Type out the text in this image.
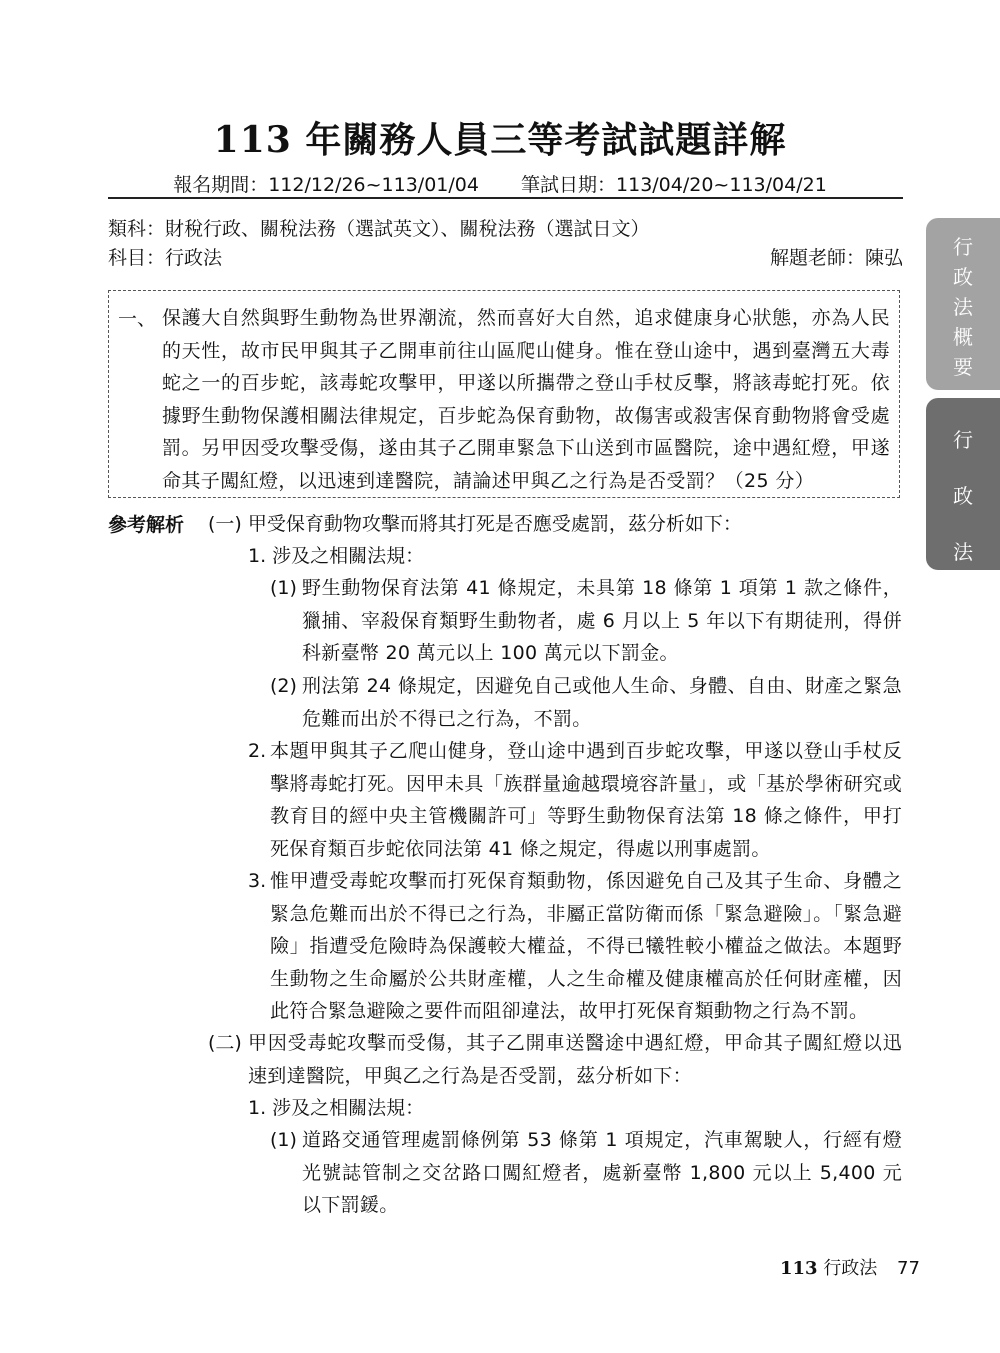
113 年關務人員三等考試試題詳解
報名期間：112/12/26~113/01/04 筆試日期：113/04/20~113/04/21
類科：財稅行政、關稅法務（選試英文）、關稅法務（選試日文）
科目：行政法	解題老師：陳弘
一、 保護大自然與野生動物為世界潮流，然而喜好大自然，追求健康身心狀態，亦為人民的天性，故市民甲與其子乙開車前往山區爬山健身。惟在登山途中，遇到臺灣五大毒蛇之一的百步蛇，該毒蛇攻擊甲，甲遂以所攜帶之登山手杖反擊，將該毒蛇打死。依據野生動物保護相關法律規定，百步蛇為保育動物，故傷害或殺害保育動物將會受處罰。另甲因受攻擊受傷，遂由其子乙開車緊急下山送到市區醫院，途中遇紅燈，甲遂命其子闖紅燈，以迅速到達醫院，請論述甲與乙之行為是否受罰？（25 分）
參考解析 (一) 甲受保育動物攻擊而將其打死是否應受處罰，茲分析如下：
1. 涉及之相關法規：
(1) 野生動物保育法第 41 條規定，未具第 18 條第 1 項第 1 款之條件，獵捕、宰殺保育類野生動物者，處 6 月以上 5 年以下有期徒刑，得併科新臺幣 20 萬元以上 100 萬元以下罰金。
(2) 刑法第 24 條規定，因避免自己或他人生命、身體、自由、財產之緊急危難而出於不得已之行為，不罰。
2. 本題甲與其子乙爬山健身，登山途中遇到百步蛇攻擊，甲遂以登山手杖反擊將毒蛇打死。因甲未具「族群量逾越環境容許量」，或「基於學術研究或教育目的經中央主管機關許可」等野生動物保育法第 18 條之條件，甲打死保育類百步蛇依同法第 41 條之規定，得處以刑事處罰。
3. 惟甲遭受毒蛇攻擊而打死保育類動物，係因避免自己及其子生命、身體之緊急危難而出於不得已之行為，非屬正當防衛而係「緊急避險」。「緊急避險」指遭受危險時為保護較大權益，不得已犧牲較小權益之做法。本題野生動物之生命屬於公共財產權，人之生命權及健康權高於任何財產權，因此符合緊急避險之要件而阻卻違法，故甲打死保育類動物之行為不罰。
(二) 甲因受毒蛇攻擊而受傷，其子乙開車送醫途中遇紅燈，甲命其子闖紅燈以迅速到達醫院，甲與乙之行為是否受罰，茲分析如下：
1. 涉及之相關法規：
(1) 道路交通管理處罰條例第 53 條第 1 項規定，汽車駕駛人，行經有燈光號誌管制之交岔路口闖紅燈者，處新臺幣 1,800 元以上 5,400 元以下罰鍰。
行
政
法
概
要
行
政
法
113 行政法 77
